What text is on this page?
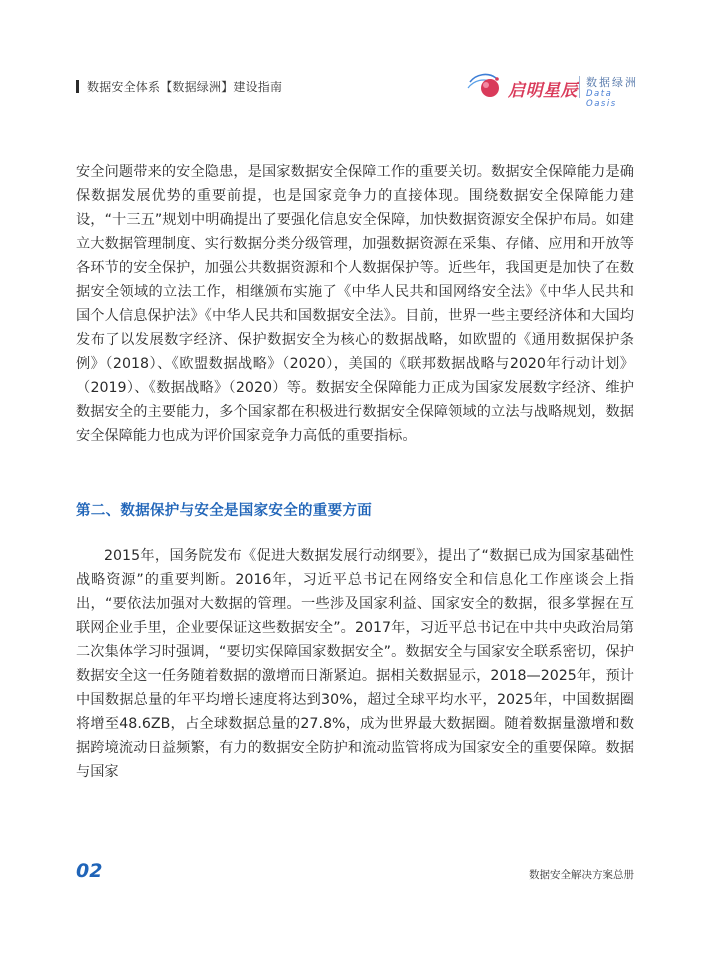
数据安全体系【数据绿洲】建设指南	启明星辰 数据绿洲
Data Oasis
安全问题带来的安全隐患，是国家数据安全保障工作的重要关切。数据安全保障能力是确保数据发展优势的重要前提，也是国家竞争力的直接体现。围绕数据安全保障能力建设，“十三五”规划中明确提出了要强化信息安全保障，加快数据资源安全保护布局。如建立大数据管理制度、实行数据分类分级管理，加强数据资源在采集、存储、应用和开放等各环节的安全保护，加强公共数据资源和个人数据保护等。近些年，我国更是加快了在数据安全领域的立法工作，相继颁布实施了《中华人民共和国网络安全法》《中华人民共和国个人信息保护法》《中华人民共和国数据安全法》。目前，世界一些主要经济体和大国均发布了以发展数字经济、保护数据安全为核心的数据战略，如欧盟的《通用数据保护条例》（2018）、《欧盟数据战略》（2020），美国的《联邦数据战略与2020年行动计划》（2019）、《数据战略》（2020）等。数据安全保障能力正成为国家发展数字经济、维护数据安全的主要能力，多个国家都在积极进行数据安全保障领域的立法与战略规划，数据安全保障能力也成为评价国家竞争力高低的重要指标。
第二、数据保护与安全是国家安全的重要方面
2015年，国务院发布《促进大数据发展行动纲要》，提出了“数据已成为国家基础性战略资源”的重要判断。2016年，习近平总书记在网络安全和信息化工作座谈会上指出，“要依法加强对大数据的管理。一些涉及国家利益、国家安全的数据，很多掌握在互联网企业手里，企业要保证这些数据安全”。2017年，习近平总书记在中共中央政治局第二次集体学习时强调，“要切实保障国家数据安全”。数据安全与国家安全联系密切，保护数据安全这一任务随着数据的激增而日渐紧迫。据相关数据显示，2018—2025年，预计中国数据总量的年平均增长速度将达到30%，超过全球平均水平，2025年，中国数据圈将增至48.6ZB，占全球数据总量的27.8%，成为世界最大数据圈。随着数据量激增和数据跨境流动日益频繁，有力的数据安全防护和流动监管将成为国家安全的重要保障。数据与国家
02	数据安全解决方案总册
